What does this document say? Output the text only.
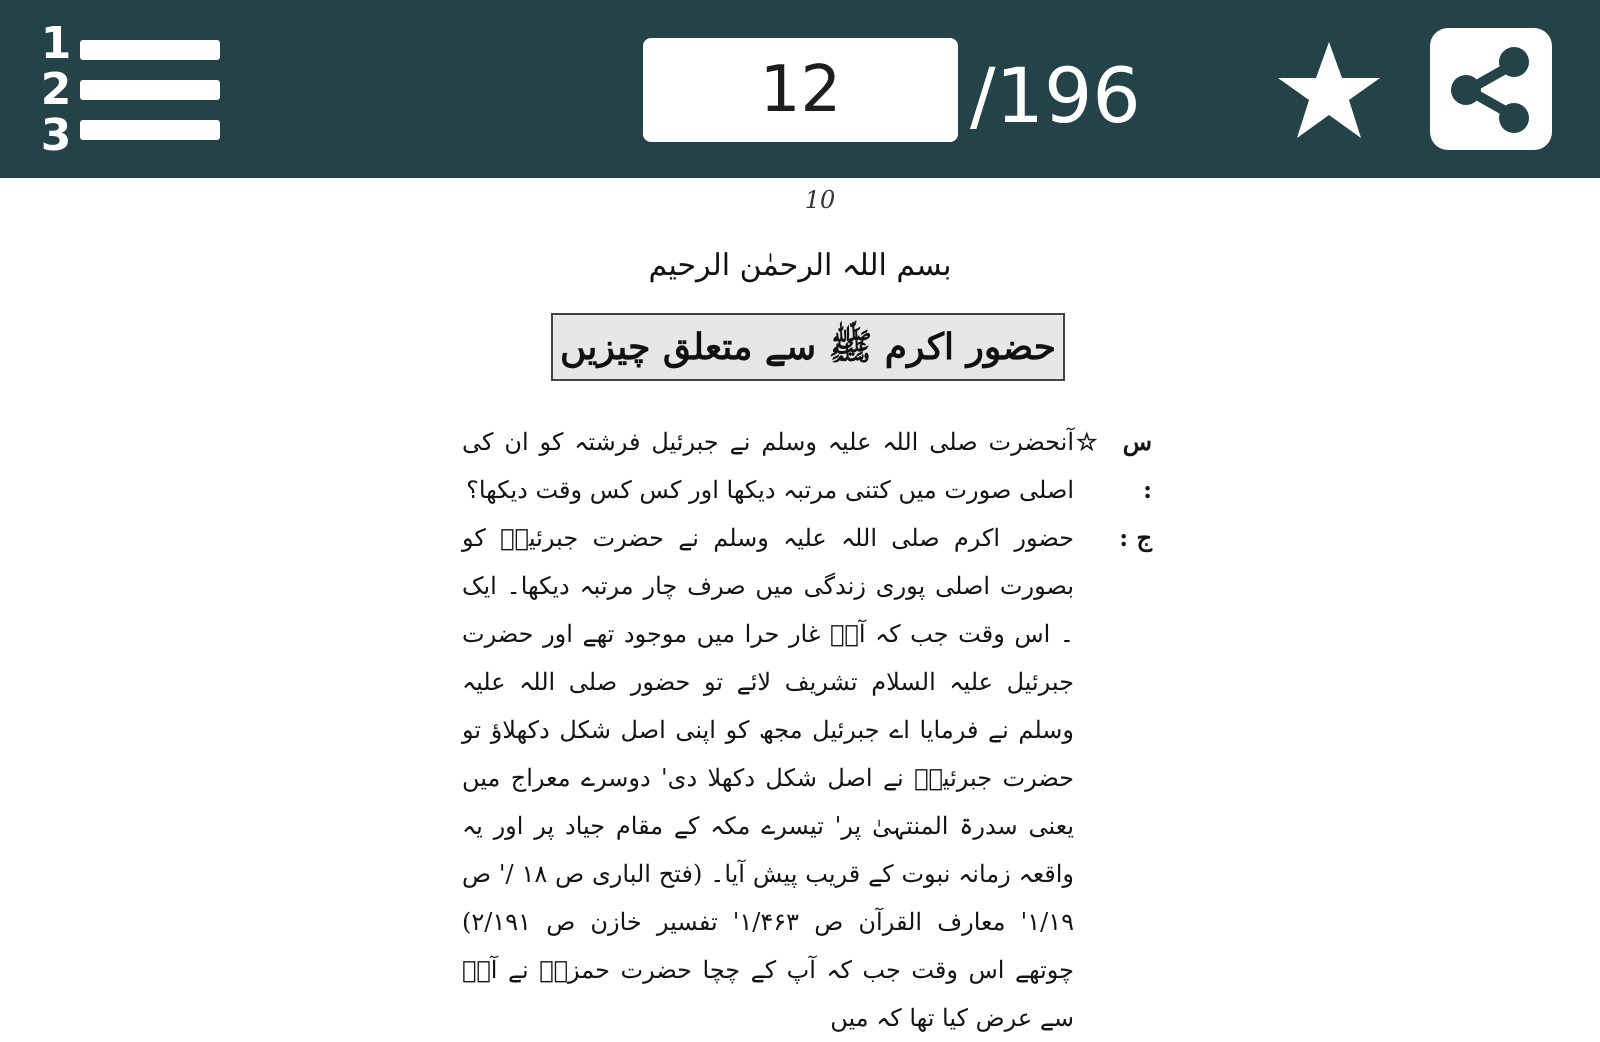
1
2
3
12	/196
10
بسم اللہ الرحمٰن الرحیم
حضور اکرم ﷺ سے متعلق چیزیں

س ☆ :
آنحضرت صلی اللہ علیہ وسلم نے جبرئیل فرشتہ کو ان کی اصلی صورت میں کتنی مرتبہ دیکھا اور کس کس وقت دیکھا؟

ج :
حضور اکرم صلی اللہ علیہ وسلم نے حضرت جبرئیلؑ کو بصورت اصلی پوری زندگی میں صرف چار مرتبہ دیکھا۔ ایک ۔ اس وقت جب کہ آپؐ غار حرا میں موجود تھے اور حضرت جبرئیل علیہ السلام تشریف لائے تو حضور صلی اللہ علیہ وسلم نے فرمایا اے جبرئیل مجھ کو اپنی اصل شکل دکھلاؤ تو حضرت جبرئیلؑ نے اصل شکل دکھلا دی' دوسرے معراج میں یعنی سدرۃ المنتہیٰ پر' تیسرے مکہ کے مقام جیاد پر اور یہ واقعہ زمانہ نبوت کے قریب پیش آیا۔ (فتح الباری ص ۱۸ /' ص ۱/۱۹' معارف القرآن ص ۱/۴۶۳' تفسیر خازن ص ۲/۱۹۱) چوتھے اس وقت جب کہ آپ کے چچا حضرت حمزہؓ نے آپؐ سے عرض کیا تھا کہ میں
